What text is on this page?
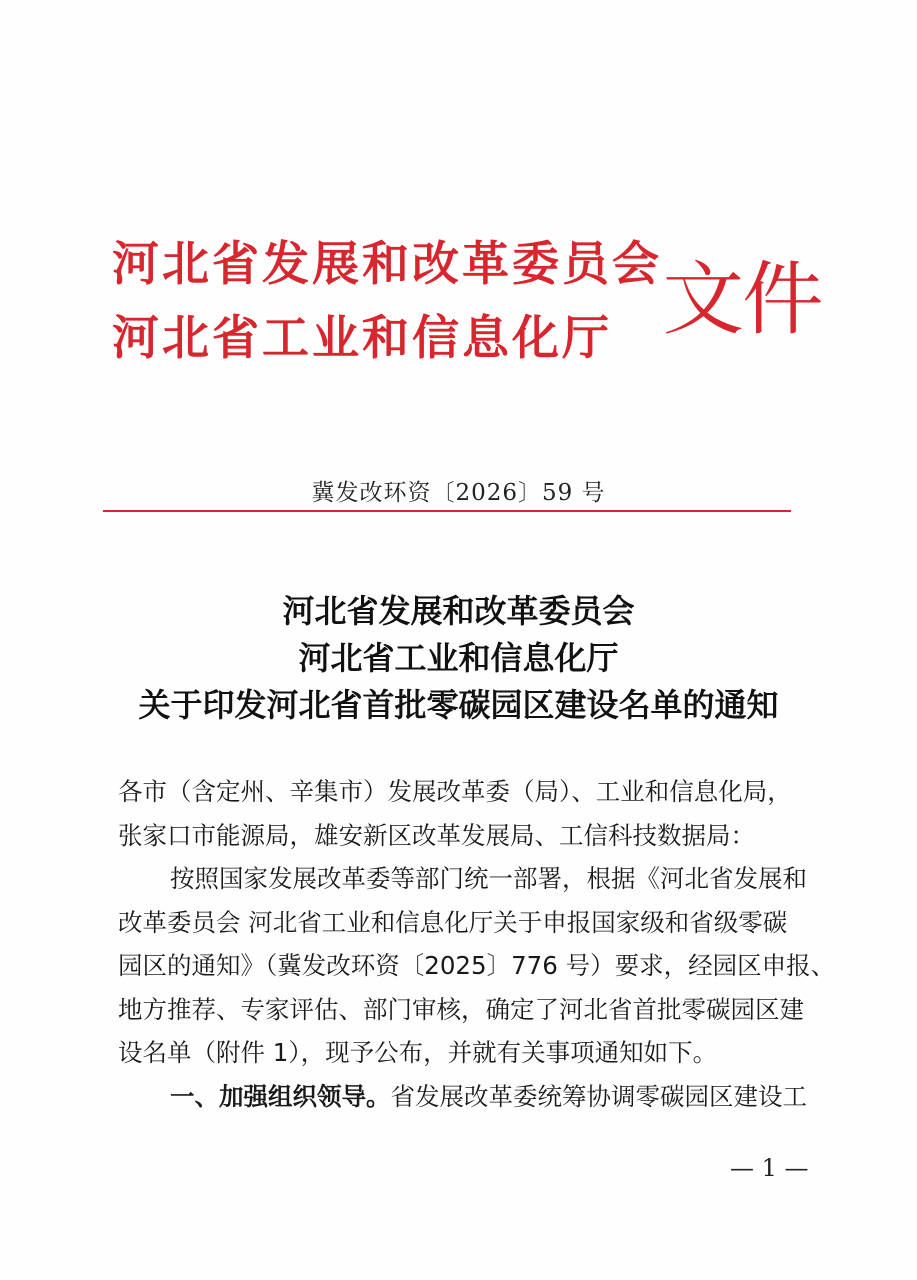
河北省发展和改革委员会
河北省工业和信息化厅 文件
冀发改环资〔2026〕59 号
河北省发展和改革委员会
河北省工业和信息化厅
关于印发河北省首批零碳园区建设名单的通知
各市（含定州、辛集市）发展改革委（局）、工业和信息化局，
张家口市能源局，雄安新区改革发展局、工信科技数据局：
按照国家发展改革委等部门统一部署，根据《河北省发展和
改革委员会 河北省工业和信息化厅关于申报国家级和省级零碳
园区的通知》（冀发改环资〔2025〕776 号）要求，经园区申报、
地方推荐、专家评估、部门审核，确定了河北省首批零碳园区建
设名单（附件 1），现予公布，并就有关事项通知如下。
一、加强组织领导。省发展改革委统筹协调零碳园区建设工
— 1 —
